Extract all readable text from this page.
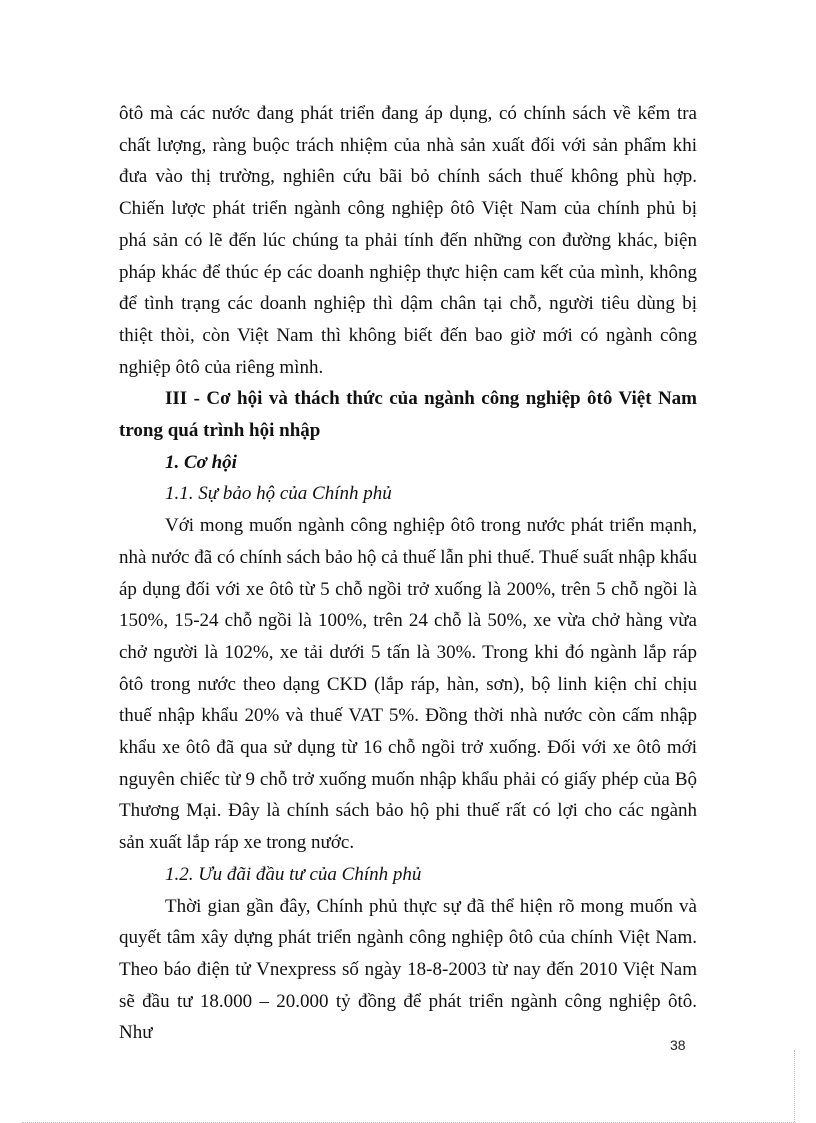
ôtô mà các nước đang phát triển đang áp dụng, có chính sách về kểm tra chất lượng, ràng buộc trách nhiệm của nhà sản xuất đối với sản phẩm khi đưa vào thị trường, nghiên cứu bãi bỏ chính sách thuế không phù hợp. Chiến lược phát triển ngành công nghiệp ôtô Việt Nam của chính phủ bị phá sản có lẽ đến lúc chúng ta phải tính đến những con đường khác, biện pháp khác để thúc ép các doanh nghiệp thực hiện cam kết của mình, không để tình trạng các doanh nghiệp thì dậm chân tại chỗ, người tiêu dùng bị thiệt thòi, còn Việt Nam thì không biết đến bao giờ mới có ngành công nghiệp ôtô của riêng mình.

III - Cơ hội và thách thức của ngành công nghiệp ôtô Việt Nam trong quá trình hội nhập

1. Cơ hội

1.1. Sự bảo hộ của Chính phủ

Với mong muốn ngành công nghiệp ôtô trong nước phát triển mạnh, nhà nước đã có chính sách bảo hộ cả thuế lẫn phi thuế. Thuế suất nhập khẩu áp dụng đối với xe ôtô từ 5 chỗ ngồi trở xuống là 200%, trên 5 chỗ ngồi là 150%, 15-24 chỗ ngồi là 100%, trên 24 chỗ là 50%, xe vừa chở hàng vừa chở người là 102%, xe tải dưới 5 tấn là 30%. Trong khi đó ngành lắp ráp ôtô trong nước theo dạng CKD (lắp ráp, hàn, sơn), bộ linh kiện chỉ chịu thuế nhập khẩu 20% và thuế VAT 5%. Đồng thời nhà nước còn cấm nhập khẩu xe ôtô đã qua sử dụng từ 16 chỗ ngồi trở xuống. Đối với xe ôtô mới nguyên chiếc từ 9 chỗ trở xuống muốn nhập khẩu phải có giấy phép của Bộ Thương Mại. Đây là chính sách bảo hộ phi thuế rất có lợi cho các ngành sản xuất lắp ráp xe trong nước.

1.2. Ưu đãi đầu tư của Chính phủ

Thời gian gần đây, Chính phủ thực sự đã thể hiện rõ mong muốn và quyết tâm xây dựng phát triển ngành công nghiệp ôtô của chính Việt Nam. Theo báo điện tử Vnexpress số ngày 18-8-2003 từ nay đến 2010 Việt Nam sẽ đầu tư 18.000 – 20.000 tỷ đồng để phát triển ngành công nghiệp ôtô. Như

38
